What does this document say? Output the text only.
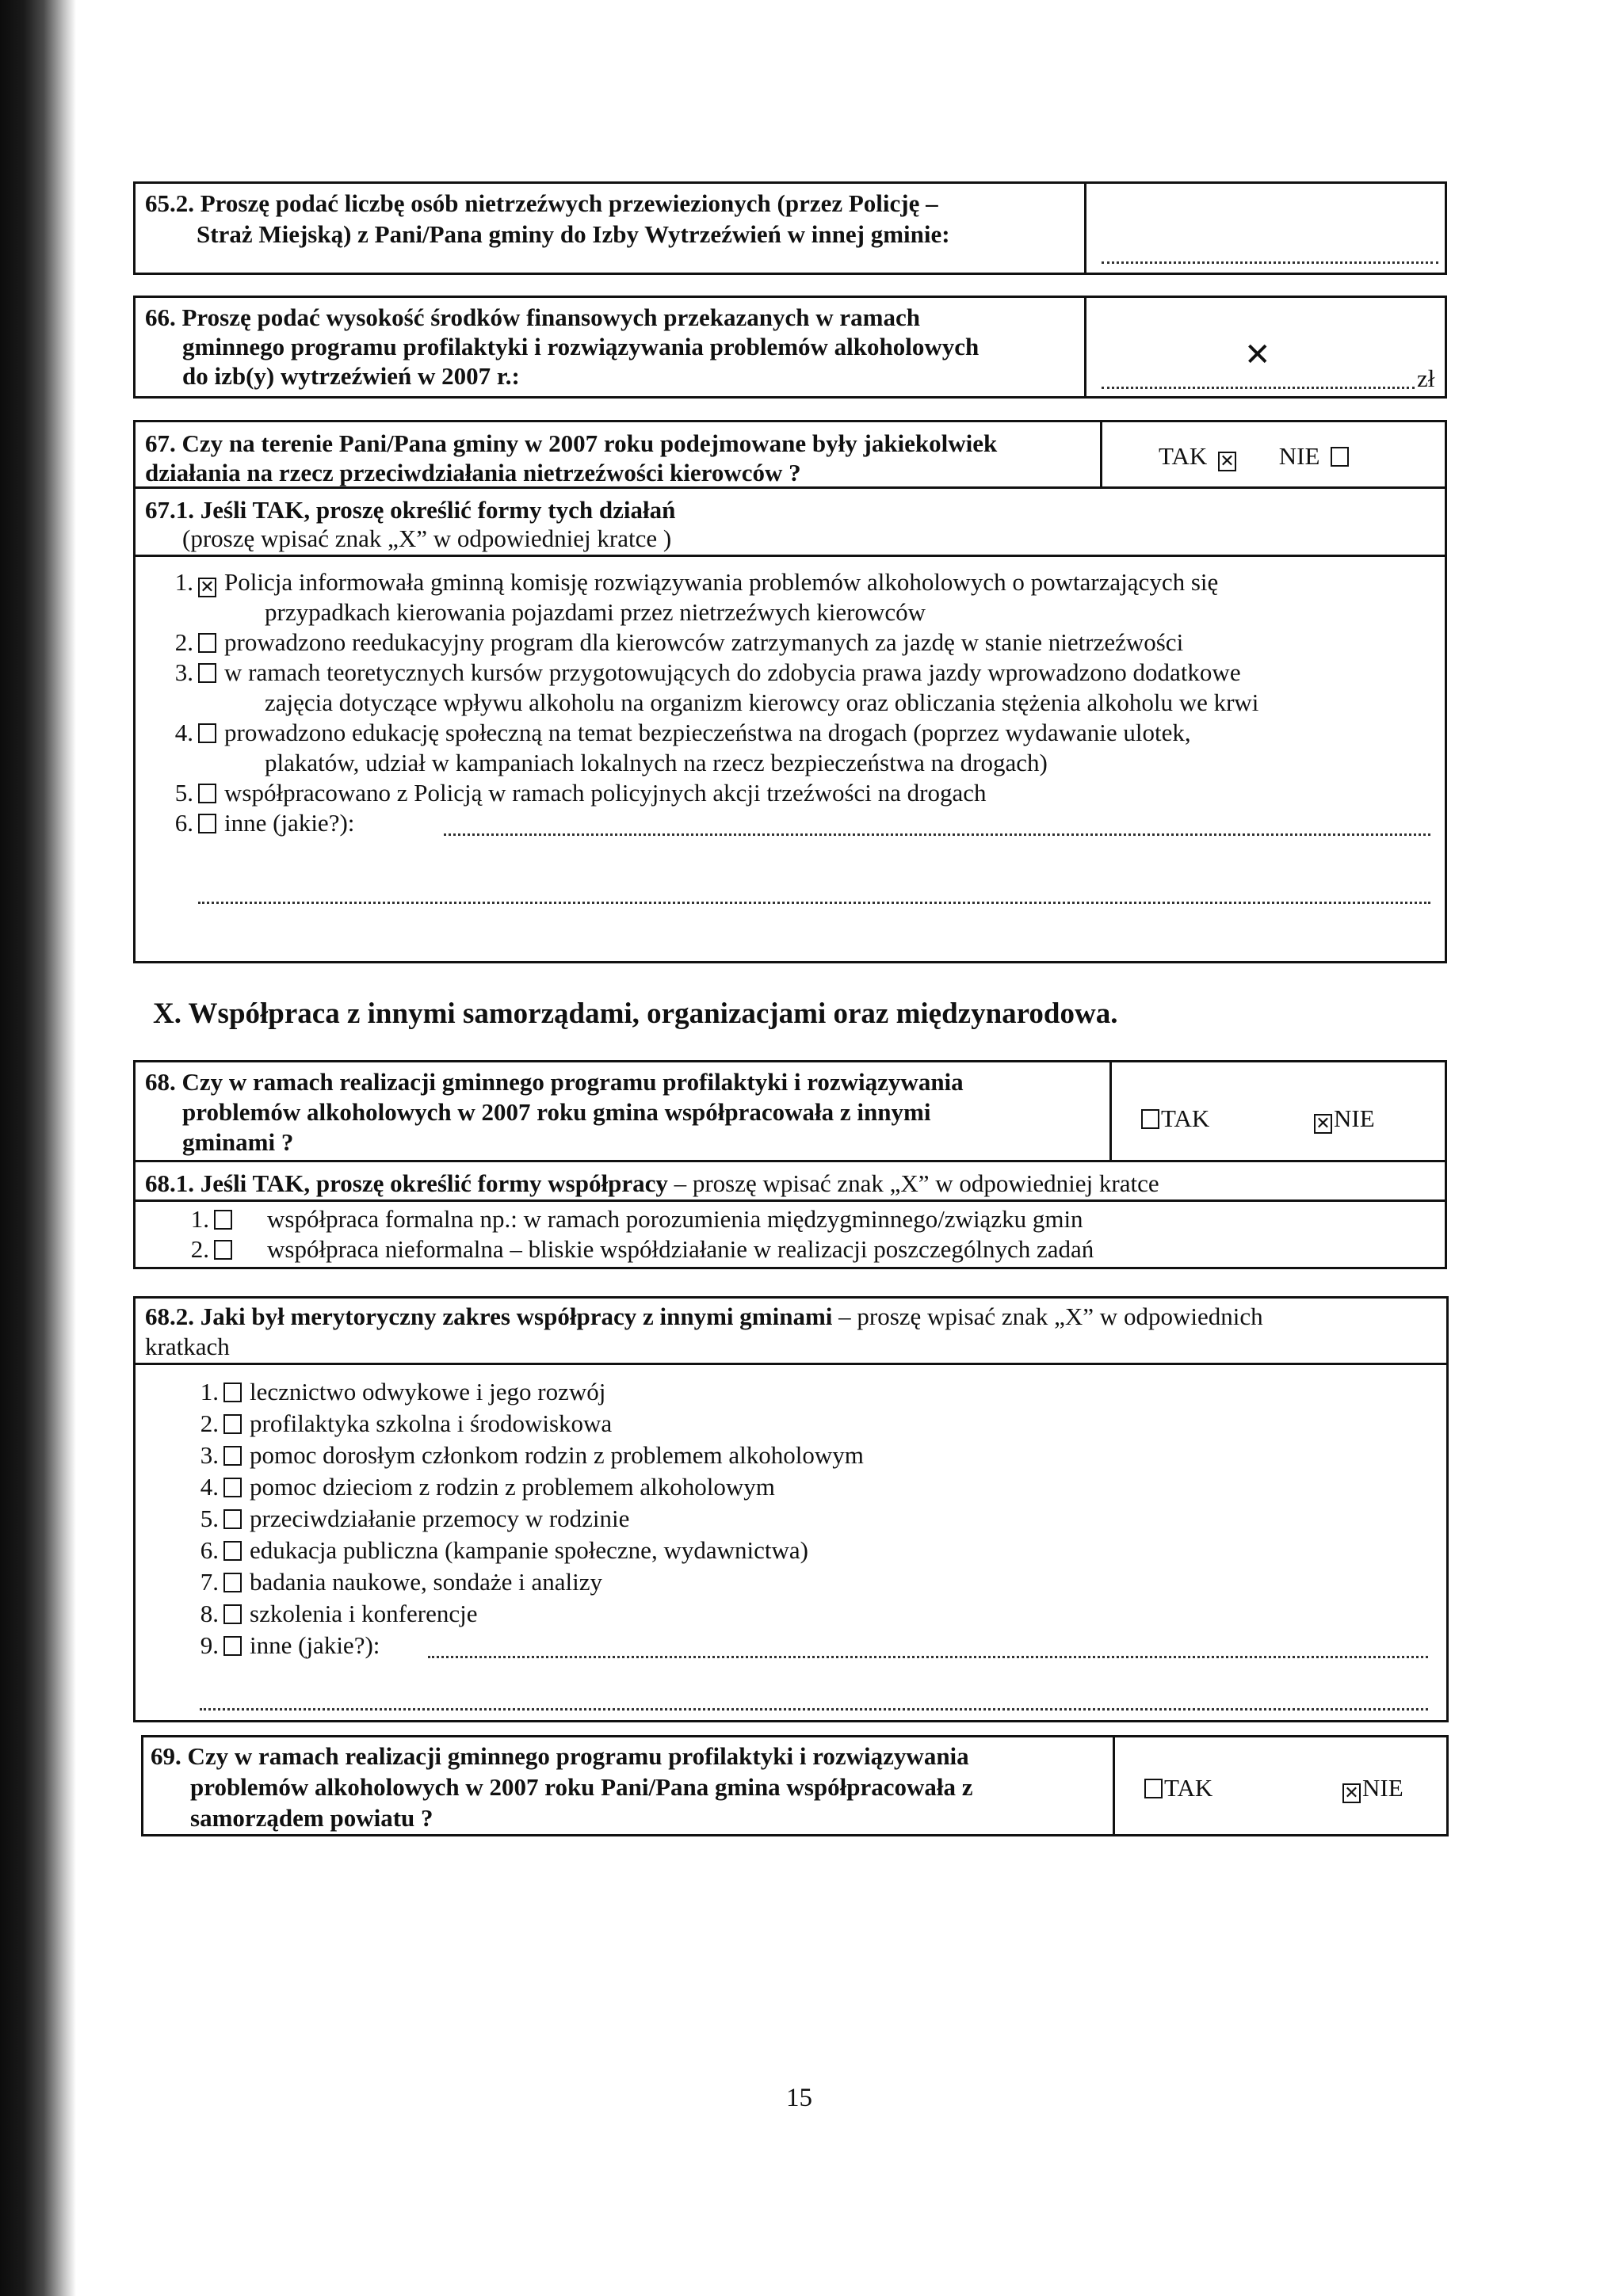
65.2. Proszę podać liczbę osób nietrzeźwych przewiezionych (przez Policję –
Straż Miejską) z Pani/Pana gminy do Izby Wytrzeźwień w innej gminie:
66. Proszę podać wysokość środków finansowych przekazanych w ramach
gminnego programu profilaktyki i rozwiązywania problemów alkoholowych
do izb(y) wytrzeźwień w 2007 r.:
✕
zł
67. Czy na terenie Pani/Pana gminy w 2007 roku podejmowane były jakiekolwiek
działania na rzecz przeciwdziałania nietrzeźwości kierowców ?
TAK ✕ NIE
67.1. Jeśli TAK, proszę określić formy tych działań
(proszę wpisać znak „X” w odpowiedniej kratce )
1. ✕ Policja informowała gminną komisję rozwiązywania problemów alkoholowych o powtarzających się
przypadkach kierowania pojazdami przez nietrzeźwych kierowców
2. prowadzono reedukacyjny program dla kierowców zatrzymanych za jazdę w stanie nietrzeźwości
3. w ramach teoretycznych kursów przygotowujących do zdobycia prawa jazdy wprowadzono dodatkowe
zajęcia dotyczące wpływu alkoholu na organizm kierowcy oraz obliczania stężenia alkoholu we krwi
4. prowadzono edukację społeczną na temat bezpieczeństwa na drogach (poprzez wydawanie ulotek,
plakatów, udział w kampaniach lokalnych na rzecz bezpieczeństwa na drogach)
5. współpracowano z Policją w ramach policyjnych akcji trzeźwości na drogach
6. inne (jakie?):
X. Współpraca z innymi samorządami, organizacjami oraz międzynarodowa.
68. Czy w ramach realizacji gminnego programu profilaktyki i rozwiązywania
problemów alkoholowych w 2007 roku gmina współpracowała z innymi
gminami ?
TAK	✕ NIE
68.1. Jeśli TAK, proszę określić formy współpracy – proszę wpisać znak „X” w odpowiedniej kratce
1. współpraca formalna np.: w ramach porozumienia międzygminnego/związku gmin
2. współpraca nieformalna – bliskie współdziałanie w realizacji poszczególnych zadań
68.2. Jaki był merytoryczny zakres współpracy z innymi gminami – proszę wpisać znak „X” w odpowiednich
kratkach
1. lecznictwo odwykowe i jego rozwój
2. profilaktyka szkolna i środowiskowa
3. pomoc dorosłym członkom rodzin z problemem alkoholowym
4. pomoc dzieciom z rodzin z problemem alkoholowym
5. przeciwdziałanie przemocy w rodzinie
6. edukacja publiczna (kampanie społeczne, wydawnictwa)
7. badania naukowe, sondaże i analizy
8. szkolenia i konferencje
9. inne (jakie?):
69. Czy w ramach realizacji gminnego programu profilaktyki i rozwiązywania
problemów alkoholowych w 2007 roku Pani/Pana gmina współpracowała z
samorządem powiatu ?
TAK	✕ NIE
15
